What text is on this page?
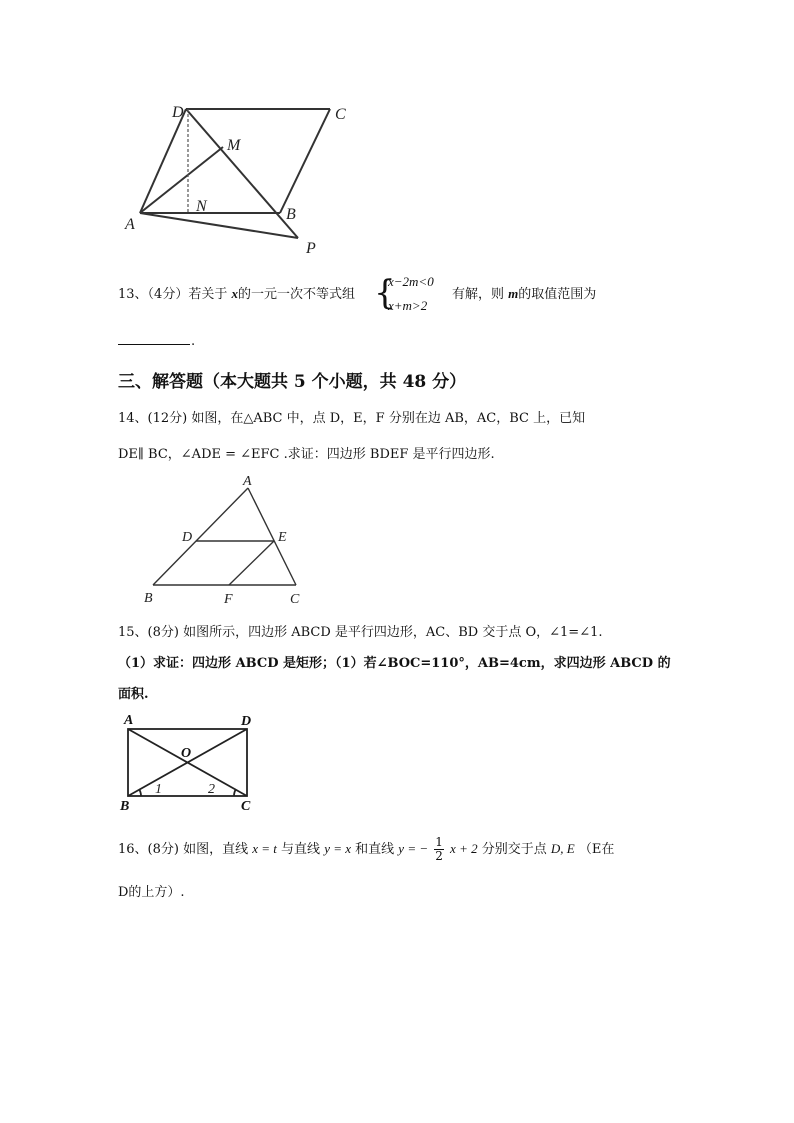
D	C
M
N
A
B
P
13、（4分）若关于 x的一元一次不等式组 {
x−2m<0
x+m>2
有解，则 m的取值范围为
.
三、解答题（本大题共 5 个小题，共 48 分）
14、(12分) 如图，在△ABC 中，点 D，E，F 分别在边 AB，AC，BC 上，已知
DE∥ BC，∠ADE = ∠EFC .求证：四边形 BDEF 是平行四边形.
A
D	E
B	F	C
15、(8分) 如图所示，四边形 ABCD 是平行四边形，AC、BD 交于点 O，∠1=∠1.
（1）求证：四边形 ABCD 是矩形；（1）若∠BOC=110°，AB=4cm，求四边形 ABCD 的
面积.
A	D
O
B	C
1	2
16、(8分) 如图，直线 x = t 与直线 y = x 和直线 y = − $\frac{1}{2}$ x + 2 分别交于点 D, E （E在
D的上方）.
